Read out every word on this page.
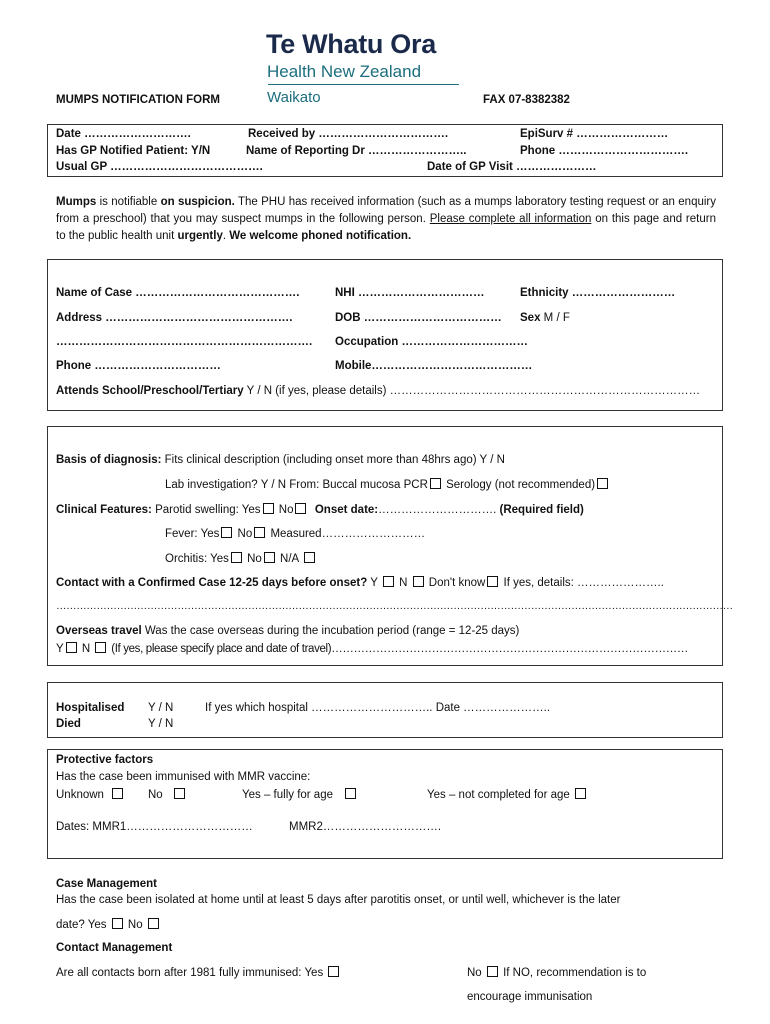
Te Whatu Ora
Health New Zealand
Waikato
MUMPS NOTIFICATION FORM	FAX 07-8382382
Date ……………………….	Received by …………………………….	EpiSurv # ……………………
Has GP Notified Patient: Y/N	Name of Reporting Dr ……………………..	Phone …………………………….
Usual GP ………………………………….	Date of GP Visit …………………
Mumps is notifiable on suspicion. The PHU has received information (such as a mumps laboratory testing request or an enquiry from a preschool) that you may suspect mumps in the following person. Please complete all information on this page and return to the public health unit urgently. We welcome phoned notification.
Name of Case …………………………………….	NHI ……………………………	Ethnicity ………………………
Address ………………………………………….	DOB ……………………………… Sex M / F
…………………………………………………………. Occupation ……………………………
Phone ……………………………	Mobile……………………………………
Attends School/Preschool/Tertiary Y / N (if yes, please details) ………………………………………………………………………
Basis of diagnosis: Fits clinical description (including onset more than 48hrs ago) Y / N
Lab investigation? Y / N From: Buccal mucosa PCR Serology (not recommended)
Clinical Features: Parotid swelling: Yes No Onset date:…………………………. (Required field)
Fever: Yes No Measured………………………
Orchitis: Yes No N/A
Contact with a Confirmed Case 12-25 days before onset? Y  N  Don't know If yes, details: …………………..
…………………………………………………………………………………………………………………………………………………………………………………
Overseas travel Was the case overseas during the incubation period (range = 12-25 days)
Y N  (If yes, please specify place and date of travel)……………………………………………………………………………………
Hospitalised Y / N	If yes which hospital ………………………….. Date …………………..
Died	Y / N
Protective factors
Has the case been immunised with MMR vaccine:
Unknown	No	Yes – fully for age	Yes – not completed for age
Dates: MMR1……………………………	MMR2………………………….
Case Management
Has the case been isolated at home until at least 5 days after parotitis onset, or until well, whichever is the later
date? Yes  No
Contact Management
Are all contacts born after 1981 fully immunised: Yes	No  If NO, recommendation is to
encourage immunisation
